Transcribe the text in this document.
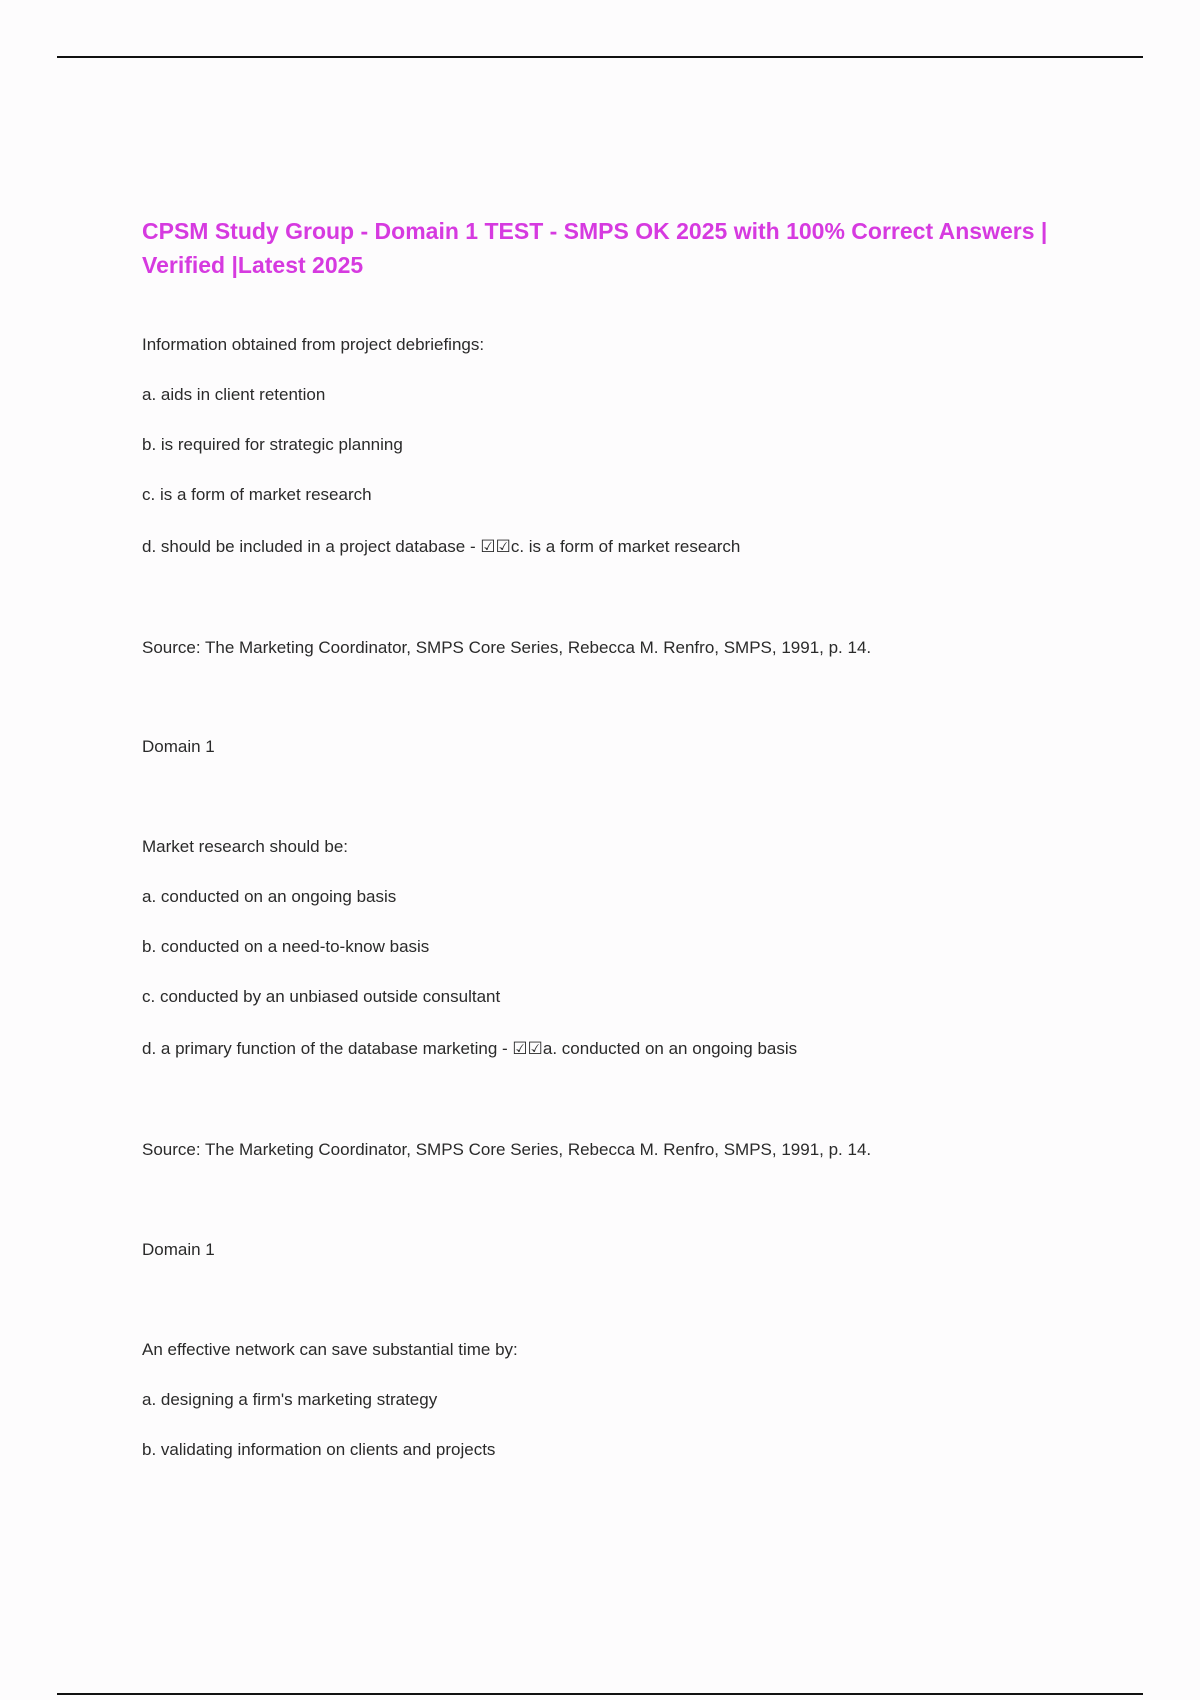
CPSM Study Group - Domain 1 TEST - SMPS OK 2025 with 100% Correct Answers | Verified |Latest 2025
Information obtained from project debriefings:
a. aids in client retention
b. is required for strategic planning
c. is a form of market research
d. should be included in a project database - ☑☑c. is a form of market research
Source: The Marketing Coordinator, SMPS Core Series, Rebecca M. Renfro, SMPS, 1991, p. 14.
Domain 1
Market research should be:
a. conducted on an ongoing basis
b. conducted on a need-to-know basis
c. conducted by an unbiased outside consultant
d. a primary function of the database marketing - ☑☑a. conducted on an ongoing basis
Source: The Marketing Coordinator, SMPS Core Series, Rebecca M. Renfro, SMPS, 1991, p. 14.
Domain 1
An effective network can save substantial time by:
a. designing a firm's marketing strategy
b. validating information on clients and projects
